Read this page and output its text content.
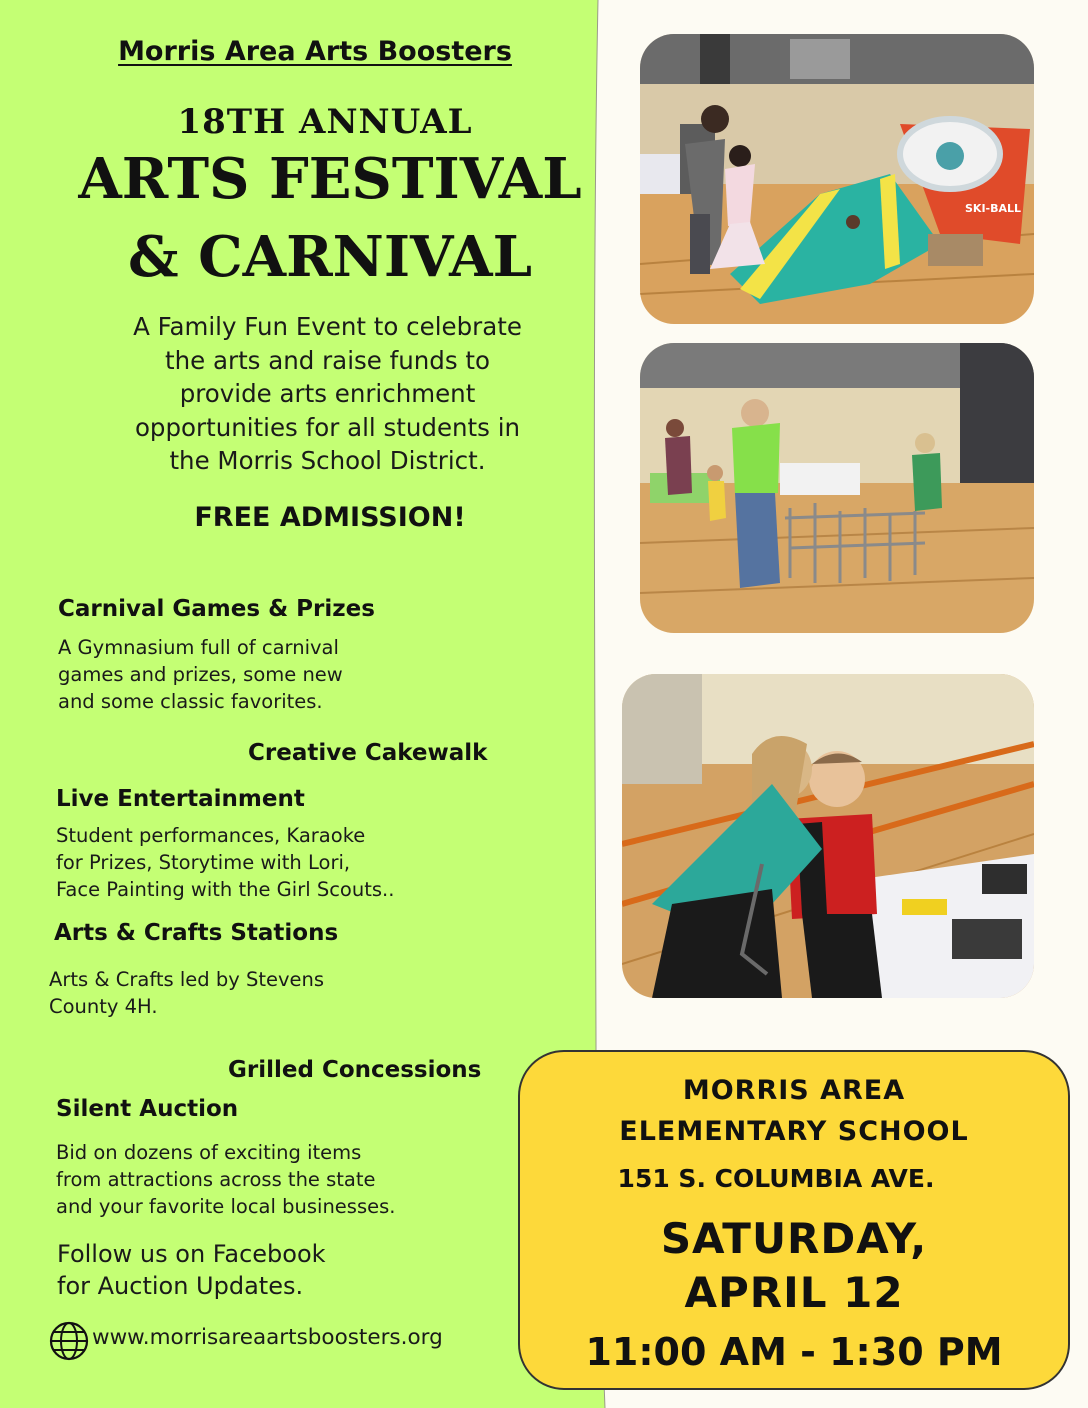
Morris Area Arts Boosters
18TH ANNUAL
ARTS FESTIVAL
& CARNIVAL
A Family Fun Event to celebrate
the arts and raise funds to
provide arts enrichment
opportunities for all students in
the Morris School District.
FREE ADMISSION!
Carnival Games & Prizes
A Gymnasium full of carnival
games and prizes, some new
and some classic favorites.
Creative Cakewalk
Live Entertainment
Student performances, Karaoke
for Prizes, Storytime with Lori,
Face Painting with the Girl Scouts..
Arts & Crafts Stations
Arts & Crafts led by Stevens
County 4H.
Grilled Concessions
Silent Auction
Bid on dozens of exciting items
from attractions across the state
and your favorite local businesses.
Follow us on Facebook
for Auction Updates.
www.morrisareaartsboosters.org
SKI-BALL
MORRIS AREA
ELEMENTARY SCHOOL
151 S. COLUMBIA AVE.
SATURDAY,
APRIL 12
11:00 AM - 1:30 PM
